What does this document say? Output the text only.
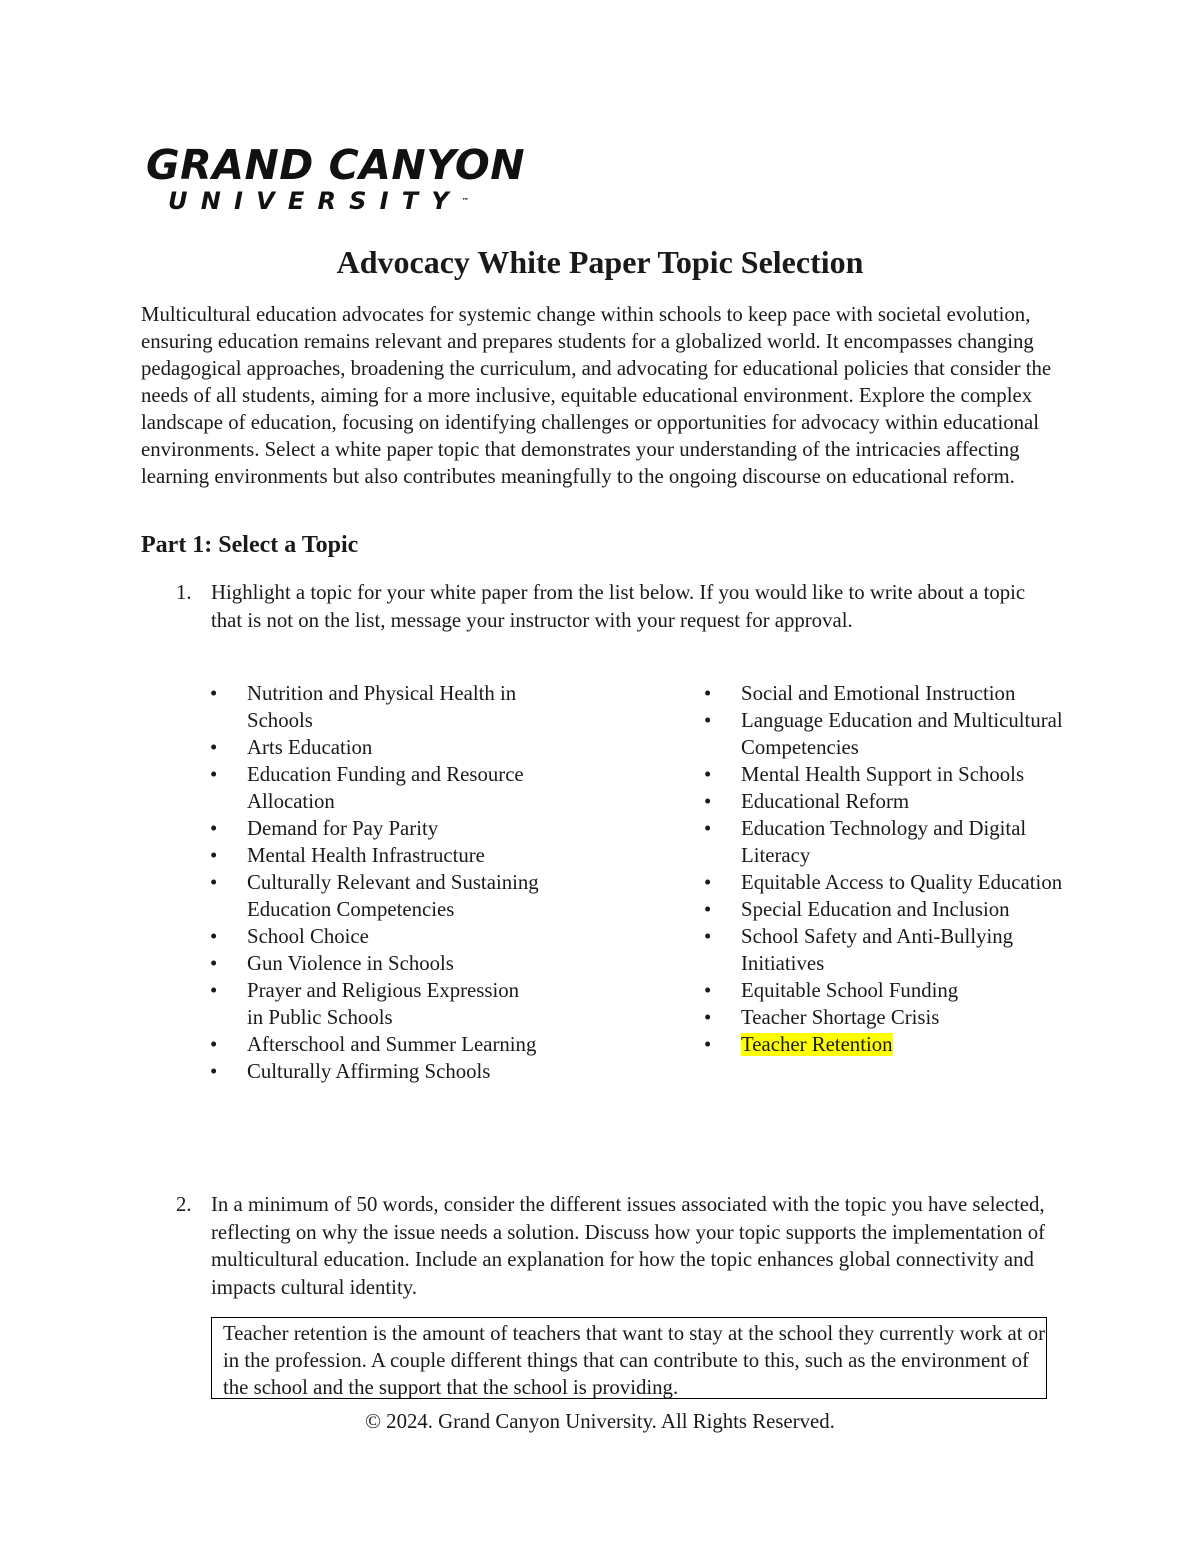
GRAND CANYON
UNIVERSITY™
Advocacy White Paper Topic Selection

Multicultural education advocates for systemic change within schools to keep pace with societal evolution, ensuring education remains relevant and prepares students for a globalized world. It encompasses changing pedagogical approaches, broadening the curriculum, and advocating for educational policies that consider the needs of all students, aiming for a more inclusive, equitable educational environment. Explore the complex landscape of education, focusing on identifying challenges or opportunities for advocacy within educational environments. Select a white paper topic that demonstrates your understanding of the intricacies affecting learning environments but also contributes meaningfully to the ongoing discourse on educational reform.

Part 1: Select a Topic
1. Highlight a topic for your white paper from the list below. If you would like to write about a topic that is not on the list, message your instructor with your request for approval.
•	Nutrition and Physical Health in Schools
•	Arts Education
•	Education Funding and Resource Allocation
•	Demand for Pay Parity
•	Mental Health Infrastructure
•	Culturally Relevant and Sustaining Education Competencies
•	School Choice
•	Gun Violence in Schools
•	Prayer and Religious Expression in Public Schools
•	Afterschool and Summer Learning
•	Culturally Affirming Schools
•	Social and Emotional Instruction
•	Language Education and Multicultural Competencies
•	Mental Health Support in Schools
•	Educational Reform
•	Education Technology and Digital Literacy
•	Equitable Access to Quality Education
•	Special Education and Inclusion
•	School Safety and Anti-Bullying Initiatives
•	Equitable School Funding
•	Teacher Shortage Crisis
•	Teacher Retention
2. In a minimum of 50 words, consider the different issues associated with the topic you have selected, reflecting on why the issue needs a solution. Discuss how your topic supports the implementation of multicultural education. Include an explanation for how the topic enhances global connectivity and impacts cultural identity.
Teacher retention is the amount of teachers that want to stay at the school they currently work at or in the profession. A couple different things that can contribute to this, such as the environment of the school and the support that the school is providing.

© 2024. Grand Canyon University. All Rights Reserved.
